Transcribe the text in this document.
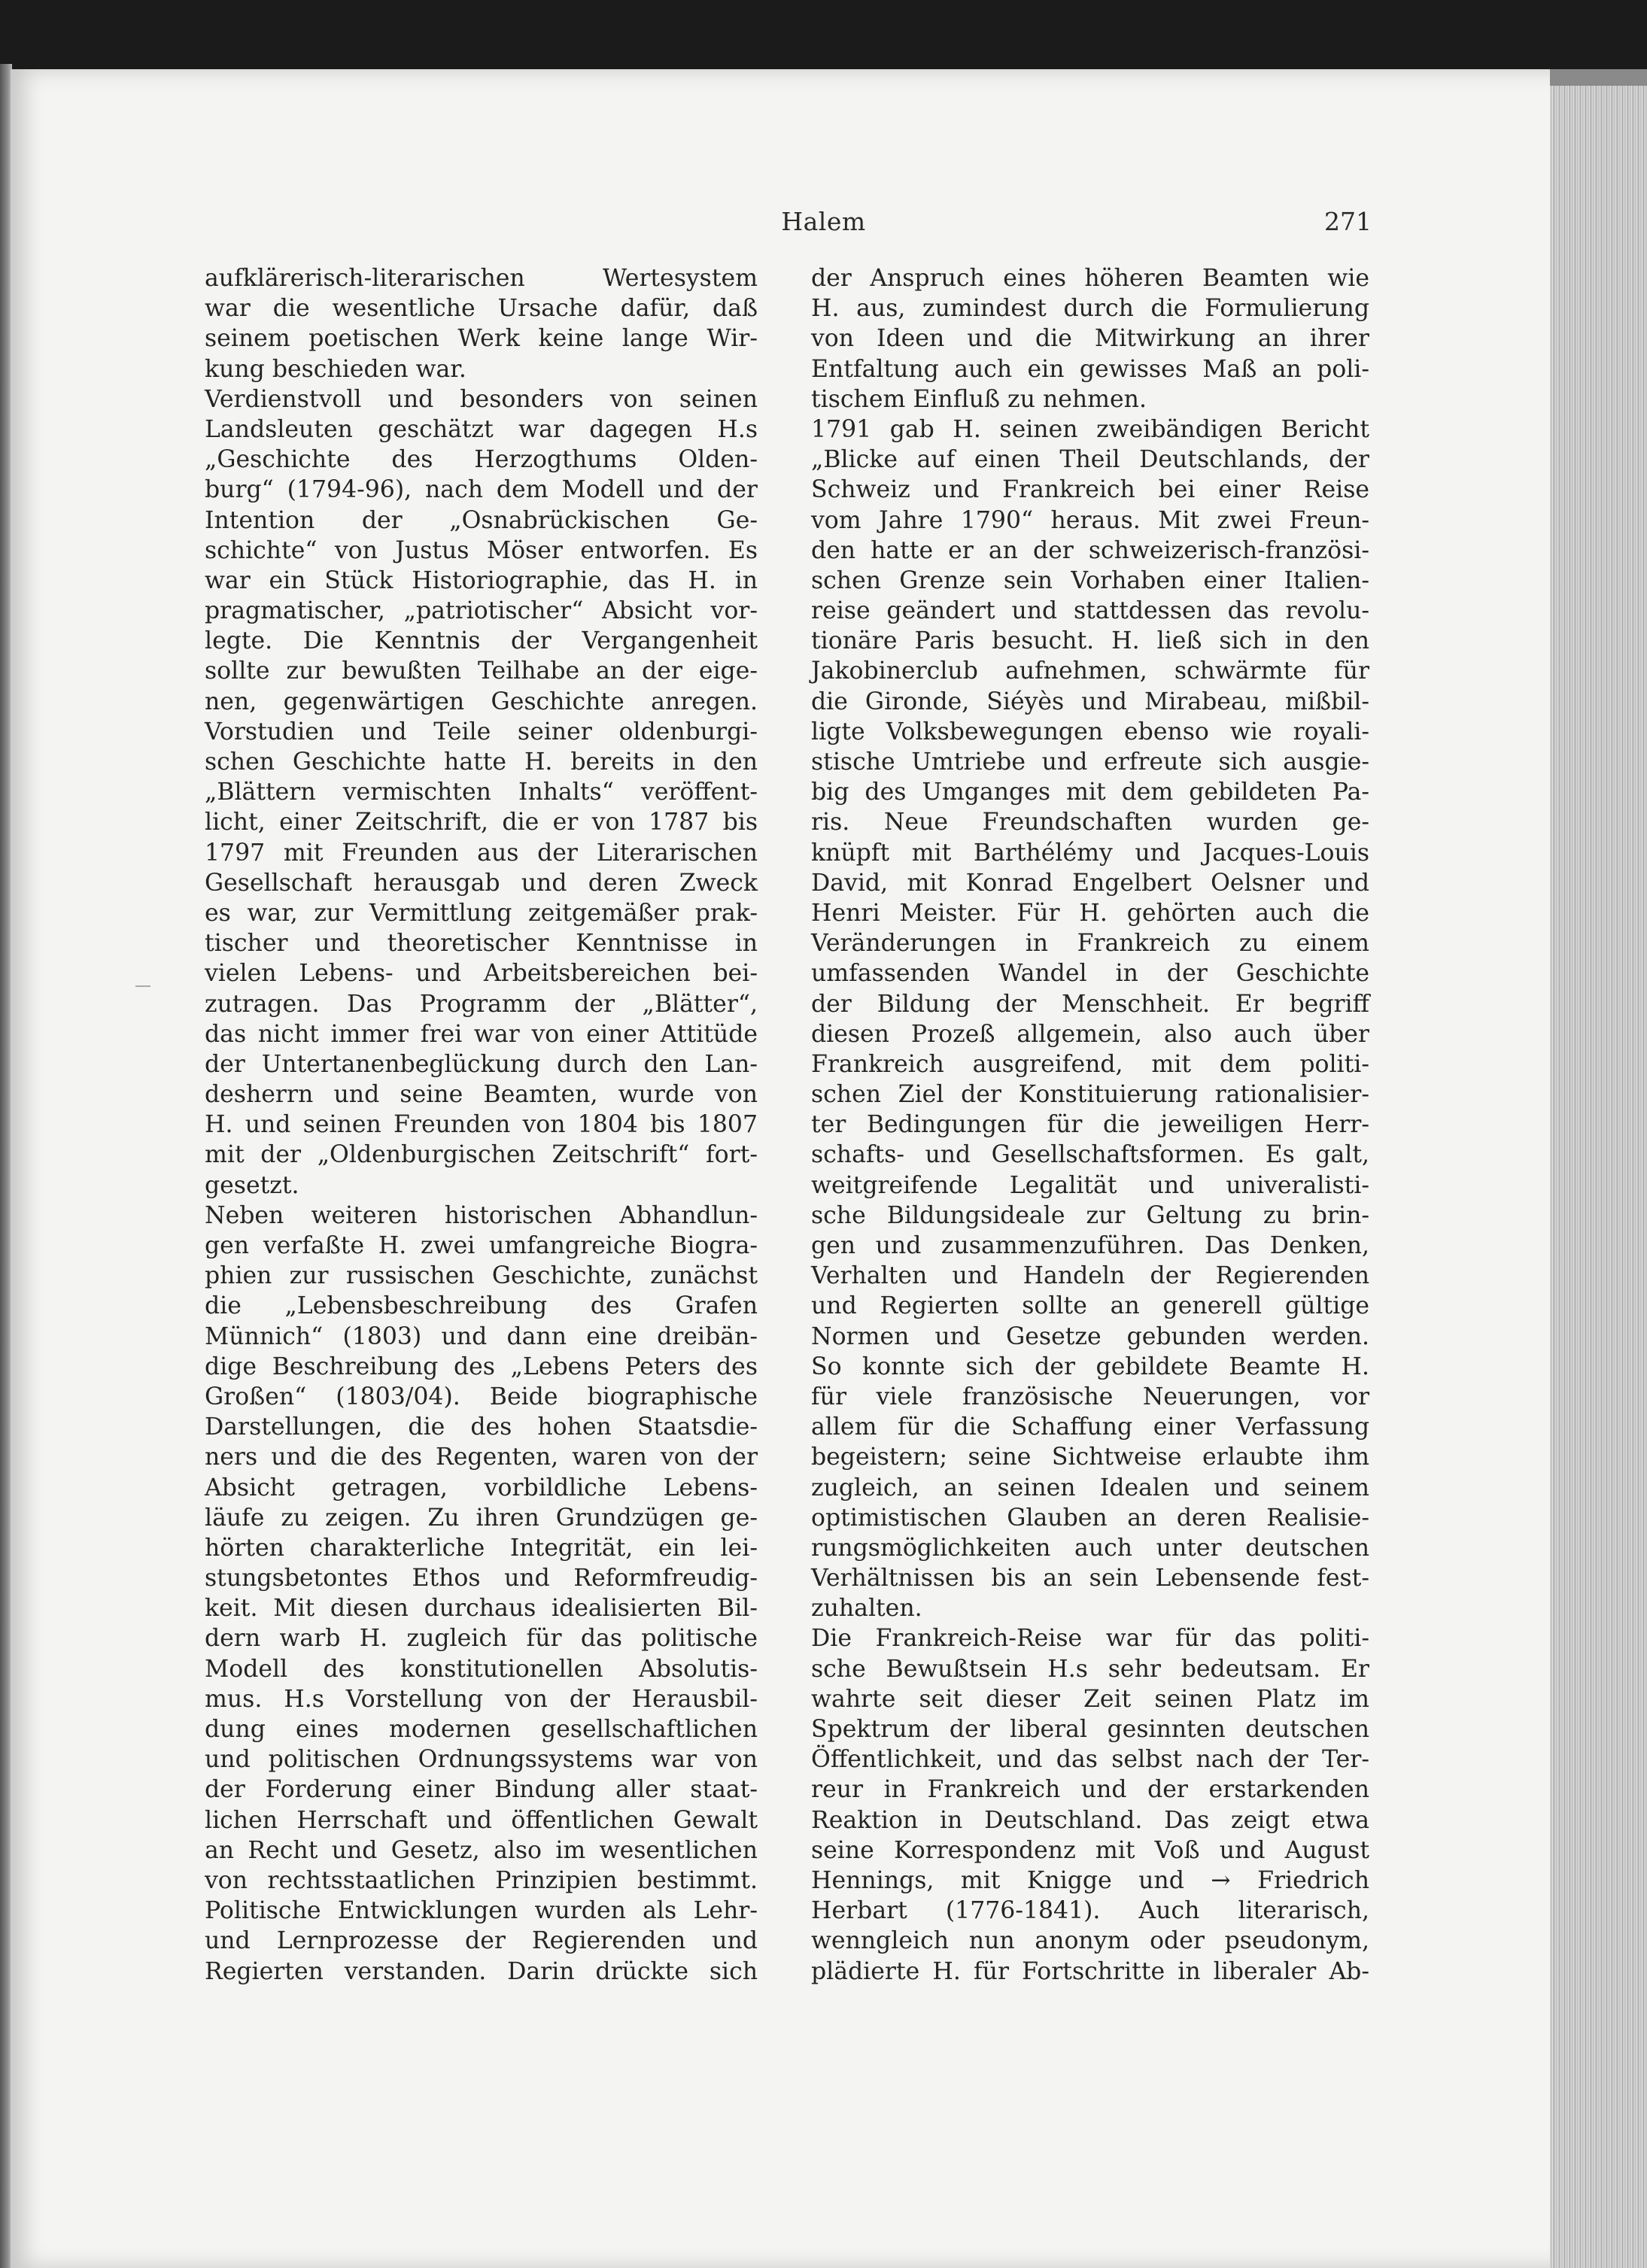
Halem	271
aufklärerisch-literarischen Wertesystem
war die wesentliche Ursache dafür, daß
seinem poetischen Werk keine lange Wir-
kung beschieden war.
Verdienstvoll und besonders von seinen
Landsleuten geschätzt war dagegen H.s
„Geschichte des Herzogthums Olden-
burg“ (1794-96), nach dem Modell und der
Intention der „Osnabrückischen Ge-
schichte“ von Justus Möser entworfen. Es
war ein Stück Historiographie, das H. in
pragmatischer, „patriotischer“ Absicht vor-
legte. Die Kenntnis der Vergangenheit
sollte zur bewußten Teilhabe an der eige-
nen, gegenwärtigen Geschichte anregen.
Vorstudien und Teile seiner oldenburgi-
schen Geschichte hatte H. bereits in den
„Blättern vermischten Inhalts“ veröffent-
licht, einer Zeitschrift, die er von 1787 bis
1797 mit Freunden aus der Literarischen
Gesellschaft herausgab und deren Zweck
es war, zur Vermittlung zeitgemäßer prak-
tischer und theoretischer Kenntnisse in
vielen Lebens- und Arbeitsbereichen bei-
zutragen. Das Programm der „Blätter“,
das nicht immer frei war von einer Attitüde
der Untertanenbeglückung durch den Lan-
desherrn und seine Beamten, wurde von
H. und seinen Freunden von 1804 bis 1807
mit der „Oldenburgischen Zeitschrift“ fort-
gesetzt.
Neben weiteren historischen Abhandlun-
gen verfaßte H. zwei umfangreiche Biogra-
phien zur russischen Geschichte, zunächst
die „Lebensbeschreibung des Grafen
Münnich“ (1803) und dann eine dreibän-
dige Beschreibung des „Lebens Peters des
Großen“ (1803/04). Beide biographische
Darstellungen, die des hohen Staatsdie-
ners und die des Regenten, waren von der
Absicht getragen, vorbildliche Lebens-
läufe zu zeigen. Zu ihren Grundzügen ge-
hörten charakterliche Integrität, ein lei-
stungsbetontes Ethos und Reformfreudig-
keit. Mit diesen durchaus idealisierten Bil-
dern warb H. zugleich für das politische
Modell des konstitutionellen Absolutis-
mus. H.s Vorstellung von der Herausbil-
dung eines modernen gesellschaftlichen
und politischen Ordnungssystems war von
der Forderung einer Bindung aller staat-
lichen Herrschaft und öffentlichen Gewalt
an Recht und Gesetz, also im wesentlichen
von rechtsstaatlichen Prinzipien bestimmt.
Politische Entwicklungen wurden als Lehr-
und Lernprozesse der Regierenden und
Regierten verstanden. Darin drückte sich
der Anspruch eines höheren Beamten wie
H. aus, zumindest durch die Formulierung
von Ideen und die Mitwirkung an ihrer
Entfaltung auch ein gewisses Maß an poli-
tischem Einfluß zu nehmen.
1791 gab H. seinen zweibändigen Bericht
„Blicke auf einen Theil Deutschlands, der
Schweiz und Frankreich bei einer Reise
vom Jahre 1790“ heraus. Mit zwei Freun-
den hatte er an der schweizerisch-französi-
schen Grenze sein Vorhaben einer Italien-
reise geändert und stattdessen das revolu-
tionäre Paris besucht. H. ließ sich in den
Jakobinerclub aufnehmen, schwärmte für
die Gironde, Siéyès und Mirabeau, mißbil-
ligte Volksbewegungen ebenso wie royali-
stische Umtriebe und erfreute sich ausgie-
big des Umganges mit dem gebildeten Pa-
ris. Neue Freundschaften wurden ge-
knüpft mit Barthélémy und Jacques-Louis
David, mit Konrad Engelbert Oelsner und
Henri Meister. Für H. gehörten auch die
Veränderungen in Frankreich zu einem
umfassenden Wandel in der Geschichte
der Bildung der Menschheit. Er begriff
diesen Prozeß allgemein, also auch über
Frankreich ausgreifend, mit dem politi-
schen Ziel der Konstituierung rationalisier-
ter Bedingungen für die jeweiligen Herr-
schafts- und Gesellschaftsformen. Es galt,
weitgreifende Legalität und univeralisti-
sche Bildungsideale zur Geltung zu brin-
gen und zusammenzuführen. Das Denken,
Verhalten und Handeln der Regierenden
und Regierten sollte an generell gültige
Normen und Gesetze gebunden werden.
So konnte sich der gebildete Beamte H.
für viele französische Neuerungen, vor
allem für die Schaffung einer Verfassung
begeistern; seine Sichtweise erlaubte ihm
zugleich, an seinen Idealen und seinem
optimistischen Glauben an deren Realisie-
rungsmöglichkeiten auch unter deutschen
Verhältnissen bis an sein Lebensende fest-
zuhalten.
Die Frankreich-Reise war für das politi-
sche Bewußtsein H.s sehr bedeutsam. Er
wahrte seit dieser Zeit seinen Platz im
Spektrum der liberal gesinnten deutschen
Öffentlichkeit, und das selbst nach der Ter-
reur in Frankreich und der erstarkenden
Reaktion in Deutschland. Das zeigt etwa
seine Korrespondenz mit Voß und August
Hennings, mit Knigge und → Friedrich
Herbart (1776-1841). Auch literarisch,
wenngleich nun anonym oder pseudonym,
plädierte H. für Fortschritte in liberaler Ab-
